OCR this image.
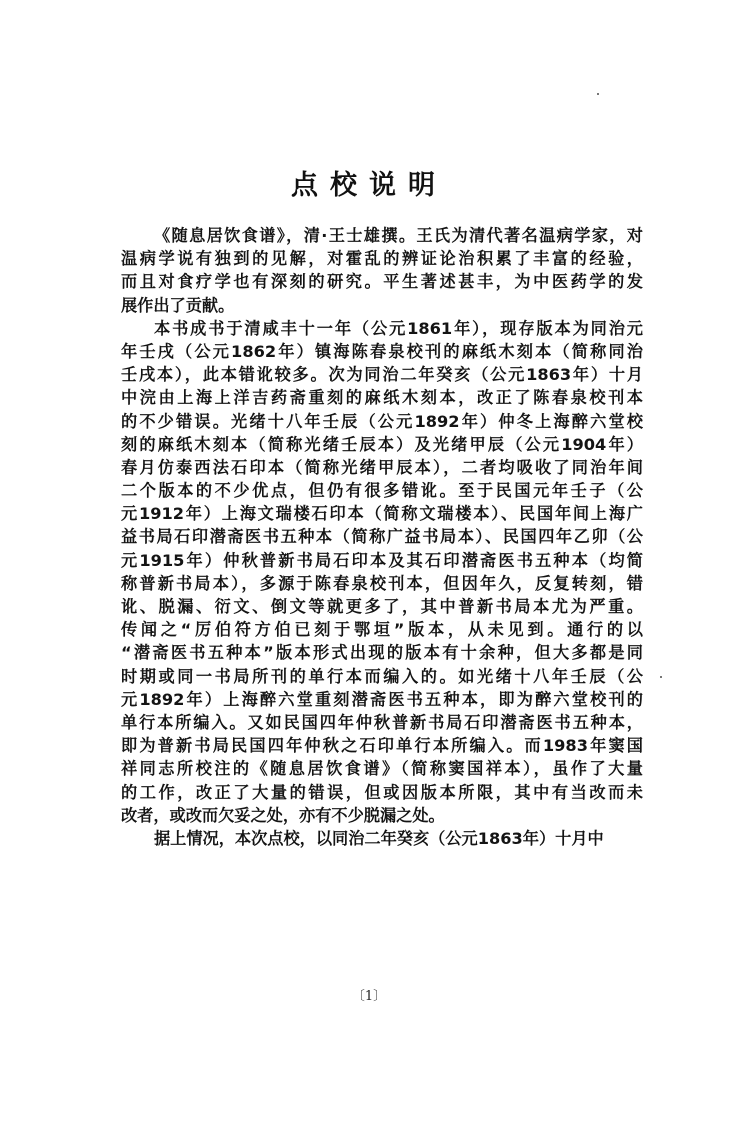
点校说明
《随息居饮食谱》，清·王士雄撰。王氏为清代著名温病学家，对
温病学说有独到的见解，对霍乱的辨证论治积累了丰富的经验，
而且对食疗学也有深刻的研究。平生著述甚丰，为中医药学的发
展作出了贡献。
本书成书于清咸丰十一年（公元1861年），现存版本为同治元
年壬戌（公元1862年）镇海陈春泉校刊的麻纸木刻本（简称同治
壬戌本），此本错讹较多。次为同治二年癸亥（公元1863年）十月
中浣由上海上洋吉药斋重刻的麻纸木刻本，改正了陈春泉校刊本
的不少错误。光绪十八年壬辰（公元1892年）仲冬上海醉六堂校
刻的麻纸木刻本（简称光绪壬辰本）及光绪甲辰（公元1904年）
春月仿泰西法石印本（简称光绪甲辰本），二者均吸收了同治年间
二个版本的不少优点，但仍有很多错讹。至于民国元年壬子（公
元1912年）上海文瑞楼石印本（简称文瑞楼本）、民国年间上海广
益书局石印潜斋医书五种本（简称广益书局本）、民国四年乙卯（公
元1915年）仲秋普新书局石印本及其石印潜斋医书五种本（均简
称普新书局本），多源于陈春泉校刊本，但因年久，反复转刻，错
讹、脱漏、衍文、倒文等就更多了，其中普新书局本尤为严重。
传闻之“厉伯符方伯已刻于鄂垣”版本，从未见到。通行的以
“潜斋医书五种本”版本形式出现的版本有十余种，但大多都是同
时期或同一书局所刊的单行本而编入的。如光绪十八年壬辰（公
元1892年）上海醉六堂重刻潜斋医书五种本，即为醉六堂校刊的
单行本所编入。又如民国四年仲秋普新书局石印潜斋医书五种本，
即为普新书局民国四年仲秋之石印单行本所编入。而1983年窦国
祥同志所校注的《随息居饮食谱》（简称窦国祥本），虽作了大量
的工作，改正了大量的错误，但或因版本所限，其中有当改而未
改者，或改而欠妥之处，亦有不少脱漏之处。
据上情况，本次点校，以同治二年癸亥（公元1863年）十月中
〔1〕
